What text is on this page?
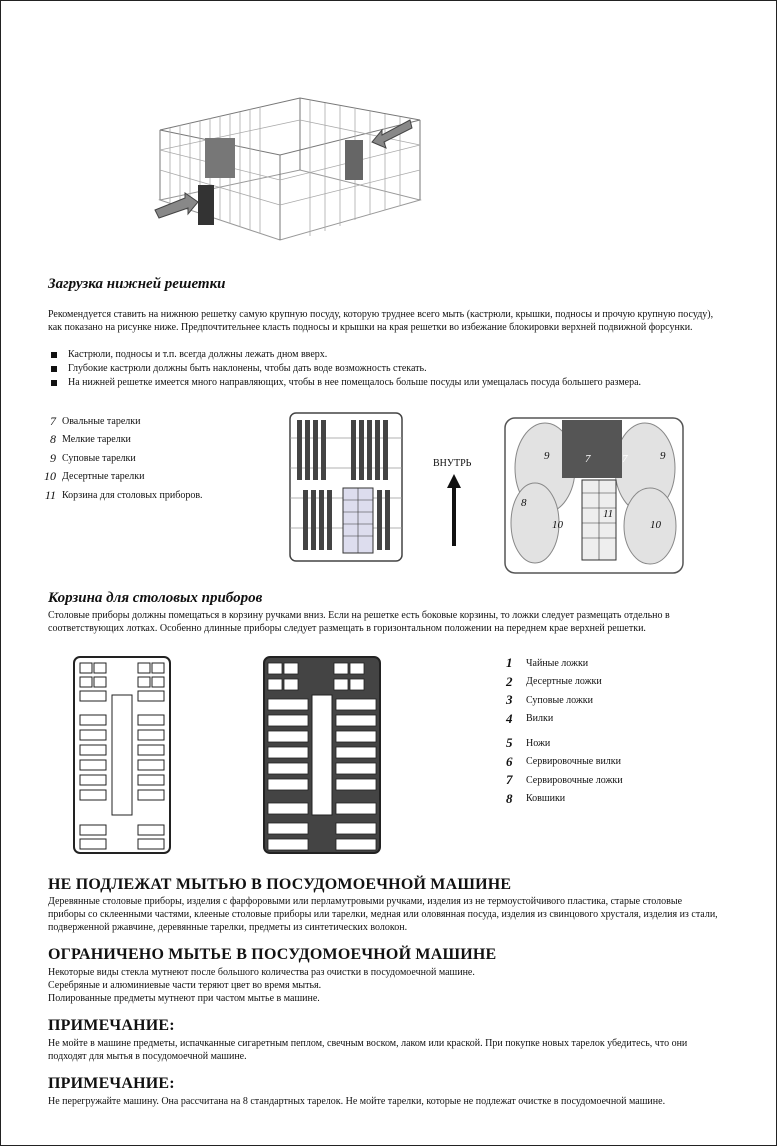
Загрузка нижней решетки

Рекомендуется ставить на нижнюю решетку самую крупную посуду, которую труднее всего мыть (кастрюли, крышки, подносы и прочую крупную посуду), как показано на рисунке ниже. Предпочтительнее класть подносы и крышки на края решетки во избежание блокировки верхней подвижной форсунки.

Кастрюли, подносы и т.п. всегда должны лежать дном вверх.
Глубокие кастрюли должны быть наклонены, чтобы дать воде возможность стекать.
На нижней решетке имеется много направляющих, чтобы в нее помещалось больше посуды или умещалась посуда большего размера.
7 Овальные тарелки
8 Мелкие тарелки
9 Суповые тарелки
10 Десертные тарелки
11 Корзина для столовых приборов.
ВНУТРЬ
9	7	7	9
8
10
11
10
Корзина для столовых приборов

Столовые приборы должны помещаться в корзину ручками вниз. Если на решетке есть боковые корзины, то ложки следует размещать отдельно в соответствующих лотках. Особенно длинные приборы следует размещать в горизонтальном положении на переднем крае верхней решетки.

1	Чайные ложки
2	Десертные ложки
3	Суповые ложки
4	Вилки
5	Ножи
6	Сервировочные вилки
7	Сервировочные ложки
8	Ковшики
НЕ ПОДЛЕЖАТ МЫТЬЮ В ПОСУДОМОЕЧНОЙ МАШИНЕ

Деревянные столовые приборы, изделия с фарфоровыми или перламутровыми ручками, изделия из не термоустойчивого пластика, старые столовые приборы со склеенными частями, клееные столовые приборы или тарелки, медная или оловянная посуда, изделия из свинцового хрусталя, изделия из стали, подверженной ржавчине, деревянные тарелки, предметы из синтетических волокон.

ОГРАНИЧЕНО МЫТЬЕ В ПОСУДОМОЕЧНОЙ МАШИНЕ

Некоторые виды стекла мутнеют после большого количества раз очистки в посудомоечной машине.

Серебряные и алюминиевые части теряют цвет во время мытья.

Полированные предметы мутнеют при частом мытье в машине.

ПРИМЕЧАНИЕ:

Не мойте в машине предметы, испачканные сигаретным пеплом, свечным воском, лаком или краской. При покупке новых тарелок убедитесь, что они подходят для мытья в посудомоечной машине.

ПРИМЕЧАНИЕ:

Не перегружайте машину. Она рассчитана на 8 стандартных тарелок. Не мойте тарелки, которые не подлежат очистке в посудомоечной машине.
